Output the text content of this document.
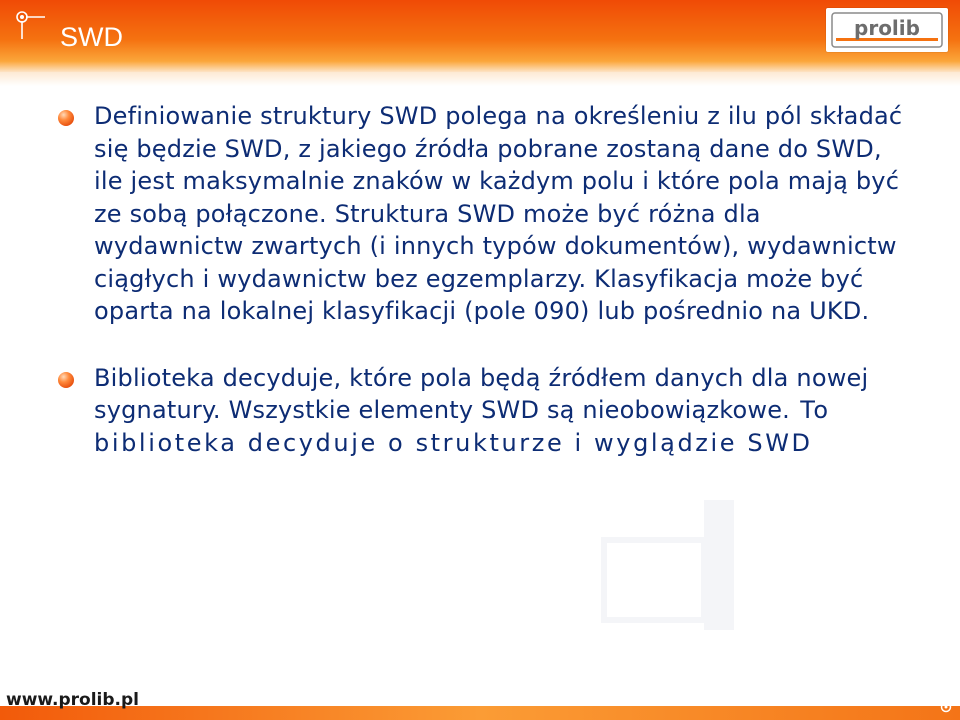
SWD	prolib
Definiowanie struktury SWD polega na określeniu z ilu pól składać się będzie SWD, z jakiego źródła pobrane zostaną dane do SWD, ile jest maksymalnie znaków w każdym polu i które pola mają być ze sobą połączone. Struktura SWD może być różna dla wydawnictw zwartych (i innych typów dokumentów), wydawnictw ciągłych i wydawnictw bez egzemplarzy. Klasyfikacja może być oparta na lokalnej klasyfikacji (pole 090) lub pośrednio na UKD.
Biblioteka decyduje, które pola będą źródłem danych dla nowej sygnatury. Wszystkie elementy SWD są nieobowiązkowe. To biblioteka decyduje o strukturze i wyglądzie SWD
www.prolib.pl
